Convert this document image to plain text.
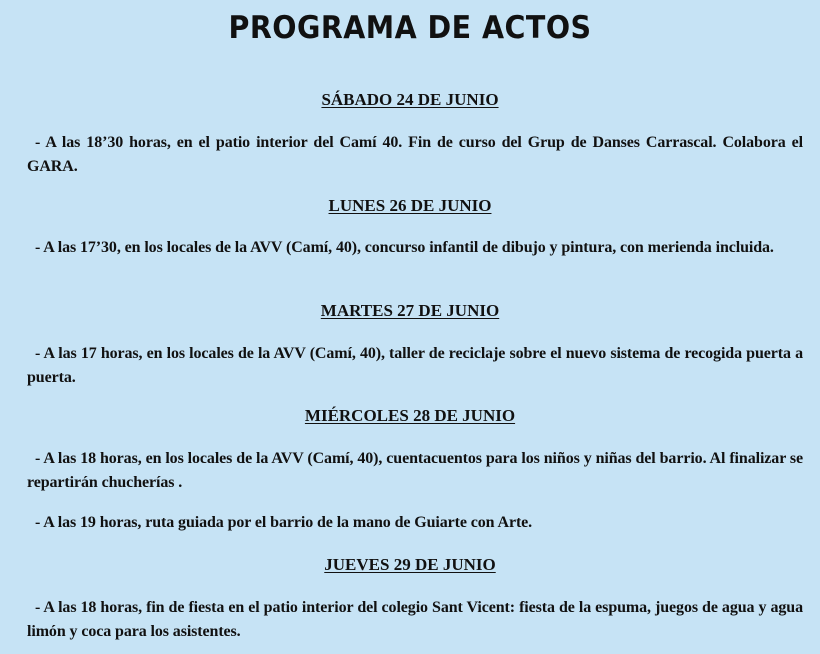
PROGRAMA DE ACTOS
SÁBADO 24 DE JUNIO
- A las 18’30 horas, en el patio interior del Camí 40. Fin de curso del Grup de Danses Carrascal. Colabora el GARA.
LUNES 26 DE JUNIO
- A las 17’30, en los locales de la AVV (Camí, 40), concurso infantil de dibujo y pintura, con merienda incluida.
MARTES 27 DE JUNIO
- A las 17 horas, en los locales de la AVV (Camí, 40), taller de reciclaje sobre el nuevo sistema de recogida puerta a puerta.
MIÉRCOLES 28 DE JUNIO
- A las 18 horas, en los locales de la AVV (Camí, 40), cuentacuentos para los niños y niñas del barrio. Al finalizar se repartirán chucherías .
- A las 19 horas, ruta guiada por el barrio de la mano de Guiarte con Arte.
JUEVES 29 DE JUNIO
- A las 18 horas, fin de fiesta en el patio interior del colegio Sant Vicent: fiesta de la espuma, juegos de agua y agua limón y coca para los asistentes.
